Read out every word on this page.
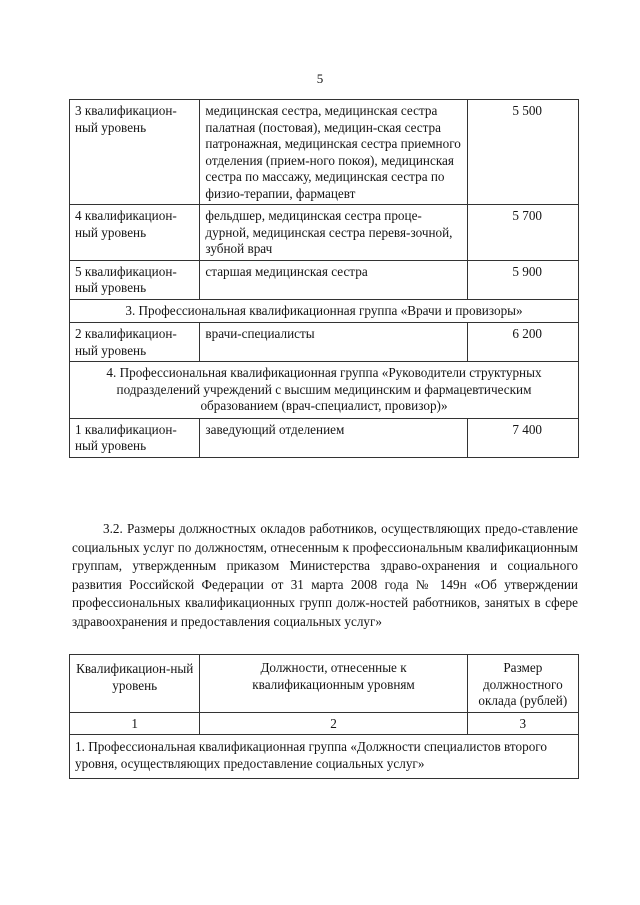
5
3 квалификацион-ный уровень	медицинская сестра, медицинская сестра палатная (постовая), медицин-ская сестра патронажная, медицинская сестра приемного отделения (прием-ного покоя), медицинская сестра по массажу, медицинская сестра по физио-терапии, фармацевт	5 500
4 квалификацион-ный уровень	фельдшер, медицинская сестра проце-дурной, медицинская сестра перевя-зочной, зубной врач	5 700
5 квалификацион-ный уровень	старшая медицинская сестра	5 900
3. Профессиональная квалификационная группа «Врачи и провизоры»		
2 квалификацион-ный уровень	врачи-специалисты	6 200
4. Профессиональная квалификационная группа «Руководители структурных подразделений учреждений с высшим медицинским и фармацевтическим образованием (врач-специалист, провизор)»		
1 квалификацион-ный уровень	заведующий отделением	7 400

3.2. Размеры должностных окладов работников, осуществляющих предо-ставление социальных услуг по должностям, отнесенным к профессиональным квалификационным группам, утвержденным приказом Министерства здраво-охранения и социального развития Российской Федерации от 31 марта 2008 года № 149н «Об утверждении профессиональных квалификационных групп долж-ностей работников, занятых в сфере здравоохранения и предоставления социальных услуг»

Квалификацион-ный уровень	Должности, отнесенные к квалификационным уровням	Размер должностного оклада (рублей)
1	2	3
1. Профессиональная квалификационная группа «Должности специалистов второго уровня, осуществляющих предоставление социальных услуг»		
